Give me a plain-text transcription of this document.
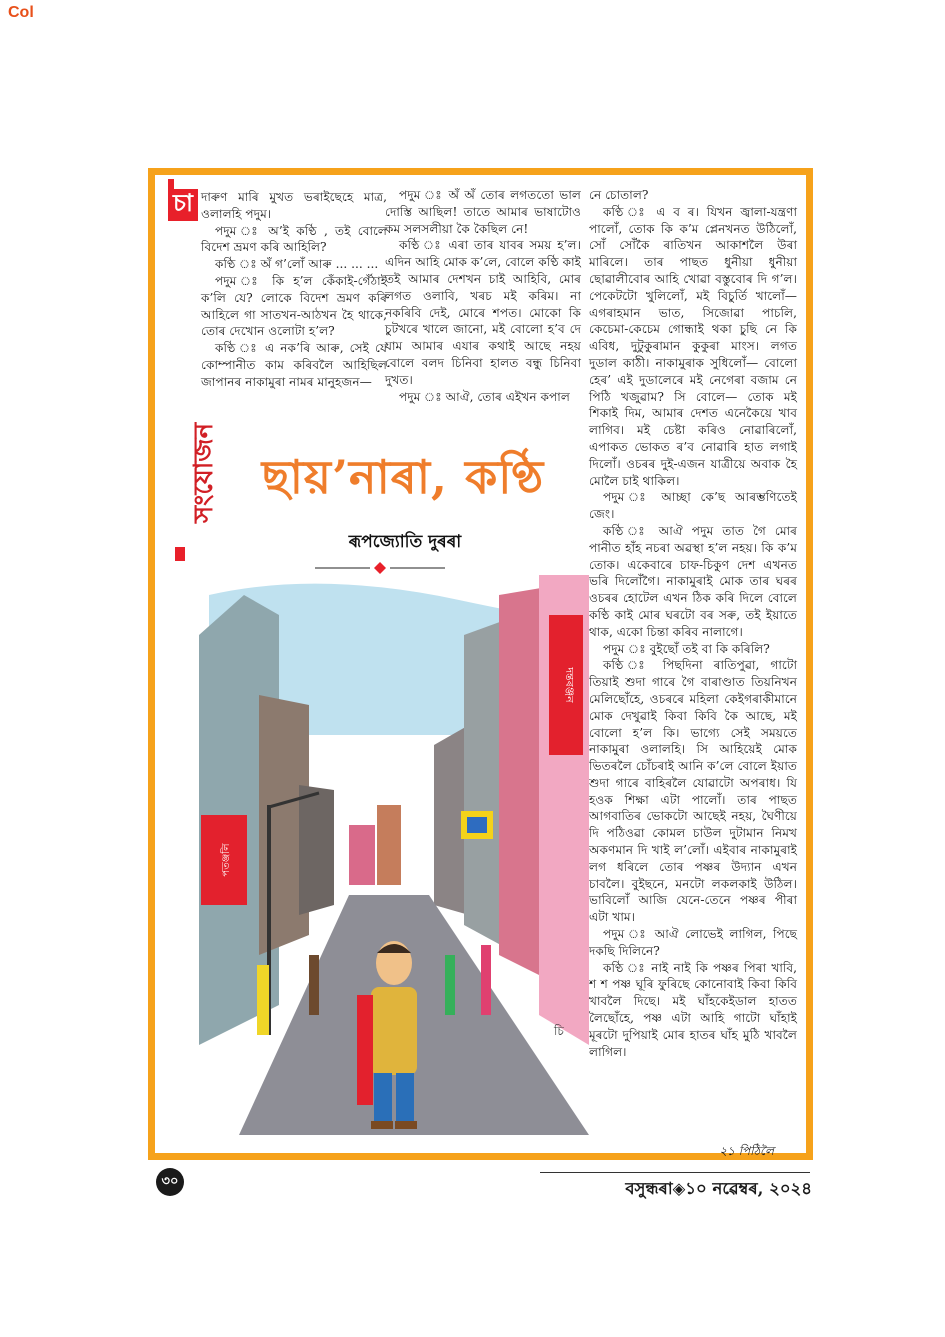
Col
চা দাৰুণ মাৰি মুখত ভৰাইছেহে মাত্ৰ, ওলালহি পদুম।

পদুম ঃ অ’ই কণ্ঠি , তই বোলে বিদেশ ভ্ৰমণ কৰি আহিলি?

কণ্ঠি ঃ অঁ গ’লোঁ আৰু ... ... ...

পদুম ঃ কি হ’ল কেঁকাই-গেঁঠাই ক’লি যে? লোকে বিদেশ ভ্ৰমণ কৰি আহিলে গা সাতখন-আঠখন হৈ থাকে, তোৰ দেখোন ওলোটা হ’ল?

কণ্ঠি ঃ এ নক’ৰি আৰু, সেই যে কোম্পানীত কাম কৰিবলৈ আহিছিল জাপানৰ নাকামুৰা নামৰ মানুহজন—

পদুম ঃ অঁ অঁ তোৰ লগততো ভাল দোস্তি আছিল! তাতে আমাৰ ভাষাটোও কম সলসলীয়া কৈ কৈছিল নে!

কণ্ঠি ঃ এৰা তাৰ যাবৰ সময় হ’ল। এদিন আহি মোক ক’লে, বোলে কণ্ঠি কাই তই আমাৰ দেশখন চাই আহিবি, মোৰ লগত ওলাবি, খৰচ মই কৰিম। না নকৰিবি দেই, মোৰে শপত। মোকো কি চুটখৰে খালে জানো, মই বোলো হ’ব দে যাম আমাৰ এযাৰ কথাই আছে নহয় বোলে বলদ চিনিবা হালত বন্ধু চিনিবা দুখত।

পদুম ঃ আঐ, তোৰ এইখন কপাল

নে চোতাল?

কণ্ঠি ঃ এ ব ৰ। যিখন জ্বালা-যন্ত্ৰণা পালোঁ, তোক কি ক’ম প্লেনখনত উঠিলোঁ, সোঁ সোঁকৈ ৰাতিখন আকাশলৈ উৰা মাৰিলে। তাৰ পাছত ধুনীয়া ধুনীয়া ছোৱালীবোৰ আহি খোৱা বস্তুবোৰ দি গ’ল। পেকেটটো খুলিলোঁ, মই বিচুৰ্তি খালোঁ— এগৰাহমান ভাত, সিজোৱা পাচলি, কেচেমা-কেচেম গোন্ধাই থকা চুছি নে কি এবিধ, দুটুকুৰামান কুকুৰা মাংস। লগত দুডাল কাঠী। নাকামুৰাক সুধিলোঁ— বোলো হেৰ’ এই দুডালেৰে মই নেগেৰা বজাম নে পিঠি খজুৱাম? সি বোলে— তোক মই শিকাই দিম, আমাৰ দেশত এনেকৈয়ে খাব লাগিব। মই চেষ্টা কৰিও নোৱাৰিলোঁ, এপাকত ভোকত ৰ’ব নোৱাৰি হাত লগাই দিলোঁ। ওচৰৰ দুই-এজন যাত্ৰীয়ে অবাক হৈ মোলৈ চাই থাকিল।

পদুম ঃ আচ্ছা কে’ছ আৰম্ভণিতেই জেং।

কণ্ঠি ঃ আঐ পদুম তাত গৈ মোৰ পানীত হাঁহ নচৰা অৱস্থা হ’ল নহয়। কি ক’ম তোক। একেবাৰে চাফ-চিকুণ দেশ এখনত ভৰি দিলোঁগৈ। নাকামুৰাই মোক তাৰ ঘৰৰ ওচৰৰ হোটেল এখন ঠিক কৰি দিলে বোলে কণ্ঠি কাই মোৰ ঘৰটো বৰ সৰু, তই ইয়াতে থাক, একো চিন্তা কৰিব নালাগে।

পদুম ঃ বুইছোঁ তই বা কি কৰিলি?

কণ্ঠি ঃ পিছদিনা ৰাতিপুৱা, গাটো তিয়াই শুদা গাৰে গৈ বাৰাণ্ডাত তিয়নিখন মেলিছোঁহে, ওচৰৰে মহিলা কেইগৰাকীমানে মোক দেখুৱাই কিবা কিবি কৈ আছে, মই বোলো হ’ল কি। ভাগ্যে সেই সময়তে নাকামুৰা ওলালহি। সি আহিয়েই মোক ভিতৰলৈ চোঁচৰাই আনি ক’লে বোলে ইয়াত শুদা গাৰে বাহিৰলৈ যোৱাটো অপৰাধ। যি হওক শিক্ষা এটা পালোঁ। তাৰ পাছত আগবাতিৰ ভোকটো আছেই নহয়, ঘৈণীয়ে দি পঠিওৱা কোমল চাউল দুটামান নিমখ অকণমান দি খাই ল’লোঁ। এইবাৰ নাকামুৰাই লগ ধৰিলে তোৰ পষ্ণৰ উদ্যান এখন চাবলৈ। বুইছনে, মনটো লকলকাই উঠিল। ভাবিলোঁ আজি যেনে-তেনে পষ্ণৰ পীৰা এটা খাম।

পদুম ঃ আঐ লোভেই লাগিল, পিছে দকছি দিলিনে?

কণ্ঠি ঃ নাই নাই কি পষ্ণৰ পিৰা খাবি, শ শ পষ্ণ ঘূৰি ফুৰিছে কোনোবাই কিবা কিবি খাবলৈ দিছে। মই ঘাঁহকেইডাল হাতত লৈছোঁহে, পষ্ণ এটা আহি গাটো ঘাঁহাই মূৰটো দুপিয়াই মোৰ হাতৰ ঘাঁহ মুঠি খাবলৈ লাগিল।

সংযোজন ছায়’নাৰা, কণ্ঠি
ৰূপজ্যোতি দুৰৰা
পতঞ্জলি
দন্তৰঞ্জন
চি
২১ পিঠিলৈ
৩০	বসুন্ধৰা◈১০ নৱেম্বৰ, ২০২৪
